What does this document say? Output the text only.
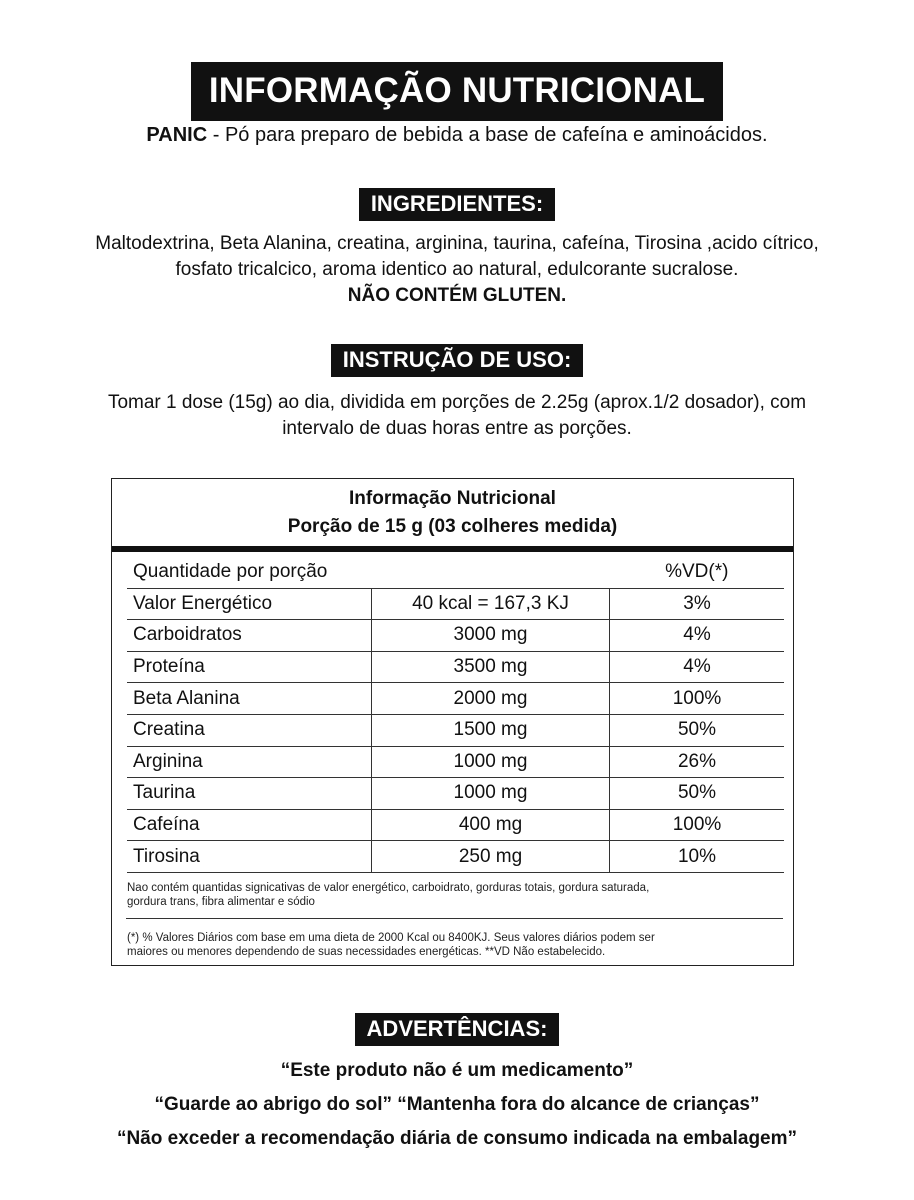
INFORMAÇÃO NUTRICIONAL
PANIC - Pó para preparo de bebida a base de cafeína e aminoácidos.
INGREDIENTES:
Maltodextrina, Beta Alanina, creatina, arginina, taurina, cafeína, Tirosina ,acido cítrico,
fosfato tricalcico, aroma identico ao natural, edulcorante sucralose.
NÃO CONTÉM GLUTEN.
INSTRUÇÃO DE USO:
Tomar 1 dose (15g) ao dia, dividida em porções de 2.25g (aprox.1/2 dosador), com
intervalo de duas horas entre as porções.
Informação Nutricional
Porção de 15 g (03 colheres medida)
Quantidade por porção		%VD(*)
Valor Energético	40 kcal = 167,3 KJ	3%
Carboidratos	3000 mg	4%
Proteína	3500 mg	4%
Beta Alanina	2000 mg	100%
Creatina	1500 mg	50%
Arginina	1000 mg	26%
Taurina	1000 mg	50%
Cafeína	400 mg	100%
Tirosina	250 mg	10%
Nao contém quantidas signicativas de valor energético, carboidrato, gorduras totais, gordura saturada,
gordura trans, fibra alimentar e sódio
(*) % Valores Diários com base em uma dieta de 2000 Kcal ou 8400KJ. Seus valores diários podem ser
maiores ou menores dependendo de suas necessidades energéticas. **VD Não estabelecido.
ADVERTÊNCIAS:
“Este produto não é um medicamento”
“Guarde ao abrigo do sol” “Mantenha fora do alcance de crianças”
“Não exceder a recomendação diária de consumo indicada na embalagem”
